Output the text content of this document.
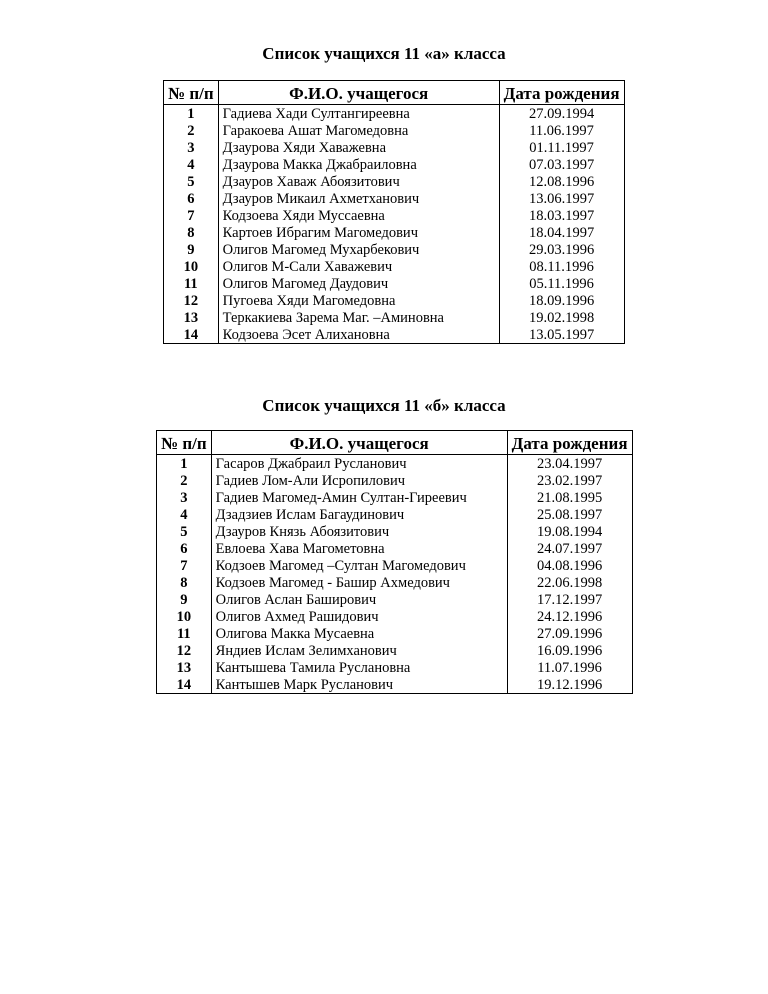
Список учащихся 11 «а» класса
№ п/п	Ф.И.О. учащегося	Дата рождения
1	Гадиева Хади Султангиреевна	27.09.1994
2	Гаракоева Ашат Магомедовна	11.06.1997
3	Дзаурова Хяди Хаважевна	01.11.1997
4	Дзаурова Макка Джабраиловна	07.03.1997
5	Дзауров Хаваж Абоязитович	12.08.1996
6	Дзауров Микаил Ахметханович	13.06.1997
7	Кодзоева Хяди Муссаевна	18.03.1997
8	Картоев Ибрагим Магомедович	18.04.1997
9	Олигов Магомед Мухарбекович	29.03.1996
10	Олигов М-Сали Хаважевич	08.11.1996
11	Олигов Магомед Даудович	05.11.1996
12	Пугоева Хяди Магомедовна	18.09.1996
13	Теркакиева Зарема Маг. –Аминовна	19.02.1998
14	Кодзоева Эсет Алихановна	13.05.1997
Список учащихся 11 «б» класса
№ п/п	Ф.И.О. учащегося	Дата рождения
1	Гасаров Джабраил Русланович	23.04.1997
2	Гадиев Лом-Али Исропилович	23.02.1997
3	Гадиев Магомед-Амин Султан-Гиреевич	21.08.1995
4	Дзадзиев Ислам Багаудинович	25.08.1997
5	Дзауров Князь Абоязитович	19.08.1994
6	Евлоева Хава Магометовна	24.07.1997
7	Кодзоев Магомед –Султан Магомедович	04.08.1996
8	Кодзоев Магомед - Башир Ахмедович	22.06.1998
9	Олигов Аслан Баширович	17.12.1997
10	Олигов Ахмед Рашидович	24.12.1996
11	Олигова Макка Мусаевна	27.09.1996
12	Яндиев Ислам Зелимханович	16.09.1996
13	Кантышева Тамила Руслановна	11.07.1996
14	Кантышев Марк Русланович	19.12.1996
